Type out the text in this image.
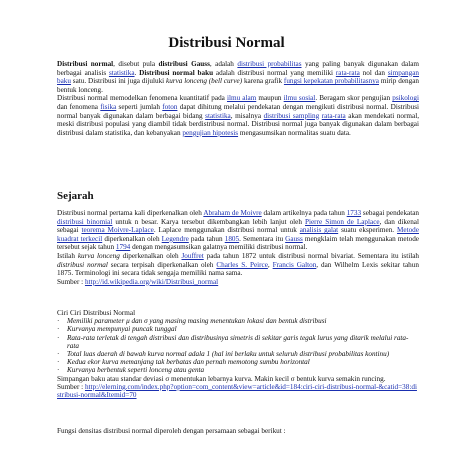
Distribusi Normal

Distribusi normal, disebut pula distribusi Gauss, adalah distribusi probabilitas yang paling banyak digunakan dalam berbagai analisis statistika. Distribusi normal baku adalah distribusi normal yang memiliki rata-rata nol dan simpangan baku satu. Distribusi ini juga dijuluki kurva lonceng (bell curve) karena grafik fungsi kepekatan probabilitasnya mirip dengan bentuk lonceng.

Distribusi normal memodelkan fenomena kuantitatif pada ilmu alam maupun ilmu sosial. Beragam skor pengujian psikologi dan fenomena fisika seperti jumlah foton dapat dihitung melalui pendekatan dengan mengikuti distribusi normal. Distribusi normal banyak digunakan dalam berbagai bidang statistika, misalnya distribusi sampling rata-rata akan mendekati normal, meski distribusi populasi yang diambil tidak berdistribusi normal. Distribusi normal juga banyak digunakan dalam berbagai distribusi dalam statistika, dan kebanyakan pengujian hipotesis mengasumsikan normalitas suatu data.

Sejarah

Distribusi normal pertama kali diperkenalkan oleh Abraham de Moivre dalam artikelnya pada tahun 1733 sebagai pendekatan distribusi binomial untuk n besar. Karya tersebut dikembangkan lebih lanjut oleh Pierre Simon de Laplace, dan dikenal sebagai teorema Moivre-Laplace. Laplace menggunakan distribusi normal untuk analisis galat suatu eksperimen. Metode kuadrat terkecil diperkenalkan oleh Legendre pada tahun 1805. Sementara itu Gauss mengklaim telah menggunakan metode tersebut sejak tahun 1794 dengan mengasumsikan galatnya memiliki distribusi normal.

Istilah kurva lonceng diperkenalkan oleh Jouffret pada tahun 1872 untuk distribusi normal bivariat. Sementara itu istilah distribusi normal secara terpisah diperkenalkan oleh Charles S. Peirce, Francis Galton, dan Wilhelm Lexis sekitar tahun 1875. Terminologi ini secara tidak sengaja memiliki nama sama.

Sumber : http://id.wikipedia.org/wiki/Distribusi_normal

Ciri Ciri Distribusi Normal
· Memiliki parameter μ dan σ yang masing masing menentukan lokasi dan bentuk distribusi
· Kurvanya mempunyai puncak tunggal
· Rata-rata terletak di tengah distribusi dan distribusinya simetris di sekitar garis tegak lurus yang ditarik melalui rata-rata
· Total luas daerah di bawah kurva normal adala 1 (hal ini berlaku untuk seluruh distribusi probabilitas kontinu)
· Kedua ekor kurva memanjang tak berbatas dan pernah memotong sumbu horizontal
· Kurvanya berbentuk seperti lonceng atau genta
Simpangan baku atau standar deviasi σ menentukan lebarnya kurva. Makin kecil σ bentuk kurva semakin runcing.
Sumber : http://elerning.com/index.php?option=com_content&view=article&id=184:ciri-ciri-distribusi-normal-&catid=38:distribusi-normal&Itemid=70

Fungsi densitas distribusi normal diperoleh dengan persamaan sebagai berikut :
